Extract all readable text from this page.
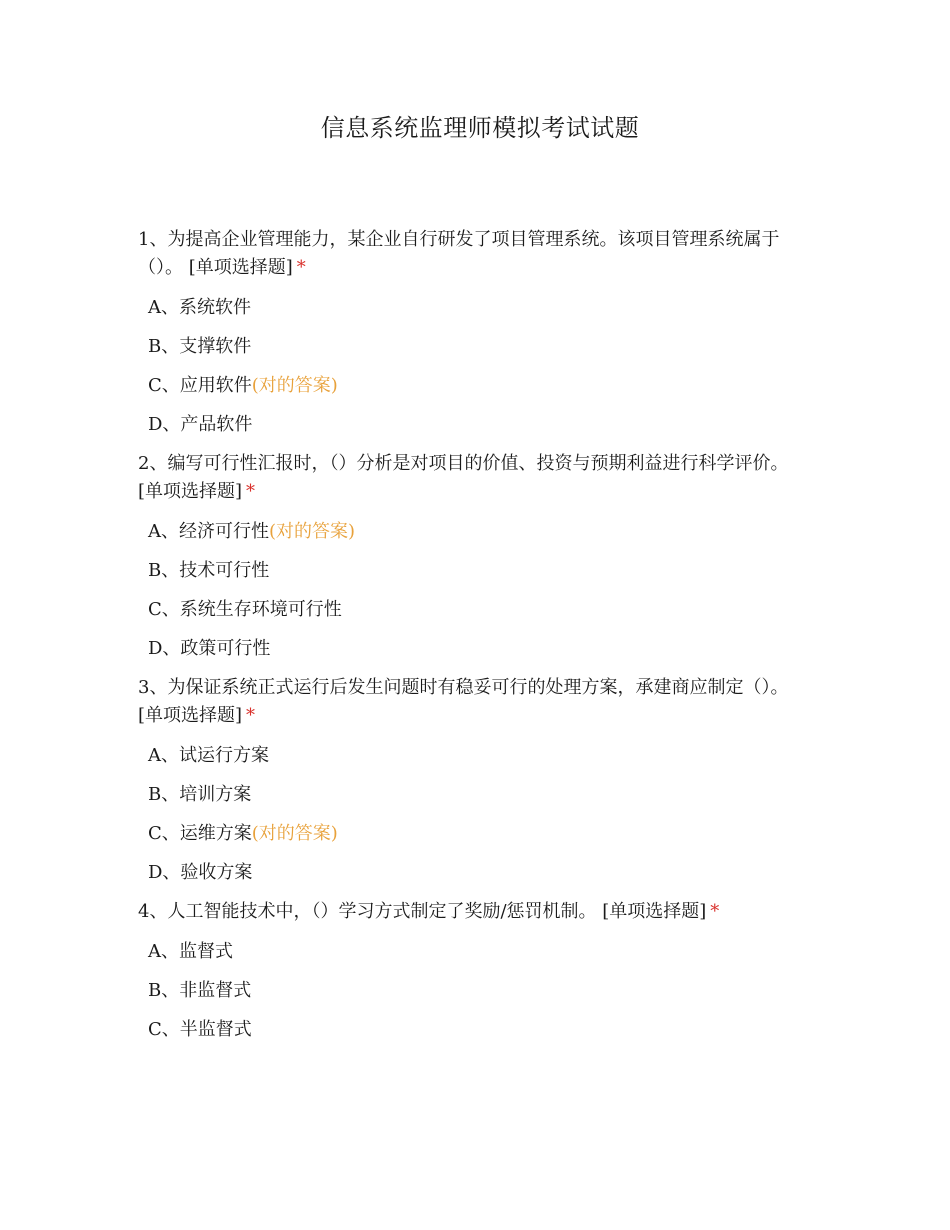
信息系统监理师模拟考试试题

1、为提高企业管理能力，某企业自行研发了项目管理系统。该项目管理系统属于（）。 [单项选择题] *

A、系统软件
B、支撑软件
C、应用软件(对的答案)
D、产品软件

2、编写可行性汇报时，（）分析是对项目的价值、投资与预期利益进行科学评价。 [单项选择题] *

A、经济可行性(对的答案)
B、技术可行性
C、系统生存环境可行性
D、政策可行性

3、为保证系统正式运行后发生问题时有稳妥可行的处理方案，承建商应制定（）。 [单项选择题] *

A、试运行方案
B、培训方案
C、运维方案(对的答案)
D、验收方案

4、人工智能技术中，（）学习方式制定了奖励/惩罚机制。 [单项选择题] *

A、监督式
B、非监督式
C、半监督式
